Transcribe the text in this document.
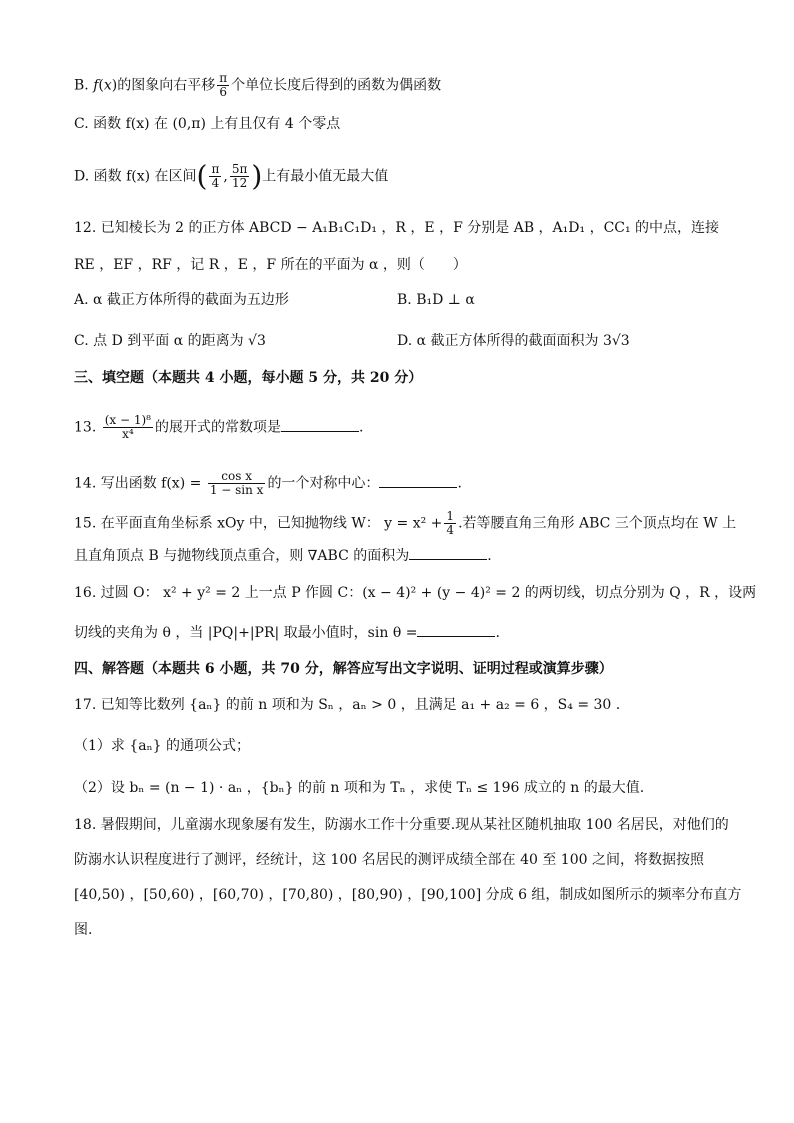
B. f(x)的图象向右平移 $\frac{\pi}{6}$ 个单位长度后得到的函数为偶函数
C. 函数 f(x) 在 (0,π) 上有且仅有 4 个零点
D. 函数 f(x) 在区间( $\frac{\pi}{4}$ , $\frac{5\pi}{12}$ )上有最小值无最大值
12. 已知棱长为 2 的正方体 ABCD − A₁B₁C₁D₁ ，R ，E ，F 分别是 AB ，A₁D₁ ，CC₁ 的中点，连接
RE ，EF ，RF ，记 R ，E ，F 所在的平面为 α ，则（　　）
A. α 截正方体所得的截面为五边形	B. B₁D ⊥ α
C. 点 D 到平面 α 的距离为 √3	D. α 截正方体所得的截面面积为 3√3
三、填空题（本题共 4 小题，每小题 5 分，共 20 分）
13. $\frac{\text{(x − 1)⁸}}{\text{x⁴}}$ 的展开式的常数项是	.
14. 写出函数 $f(x) = \frac{\text{cos x}}{\text{1 − sin x}}$ 的一个对称中心：	.
15. 在平面直角坐标系 xOy 中，已知抛物线 W： $y = x^2 + \frac{1}{4}$ .若等腰直角三角形 ABC 三个顶点均在 W 上
且直角顶点 B 与抛物线顶点重合，则 ∇ABC 的面积为	.
16. 过圆 O： x² + y² = 2 上一点 P 作圆 C：(x − 4)² + (y − 4)² = 2 的两切线，切点分别为 Q ，R ，设两
切线的夹角为 θ ，当 |PQ|+|PR| 取最小值时，sin θ =	.
四、解答题（本题共 6 小题，共 70 分，解答应写出文字说明、证明过程或演算步骤）
17. 已知等比数列 {aₙ} 的前 n 项和为 Sₙ ，aₙ > 0 ，且满足 a₁ + a₂ = 6 ，S₄ = 30 .
（1）求 {aₙ} 的通项公式；
（2）设 bₙ = (n − 1) · aₙ ，{bₙ} 的前 n 项和为 Tₙ ，求使 Tₙ ≤ 196 成立的 n 的最大值.
18. 暑假期间，儿童溺水现象屡有发生，防溺水工作十分重要.现从某社区随机抽取 100 名居民，对他们的
防溺水认识程度进行了测评，经统计，这 100 名居民的测评成绩全部在 40 至 100 之间，将数据按照
[40,50) ，[50,60) ，[60,70) ，[70,80) ，[80,90) ，[90,100] 分成 6 组，制成如图所示的频率分布直方
图.
